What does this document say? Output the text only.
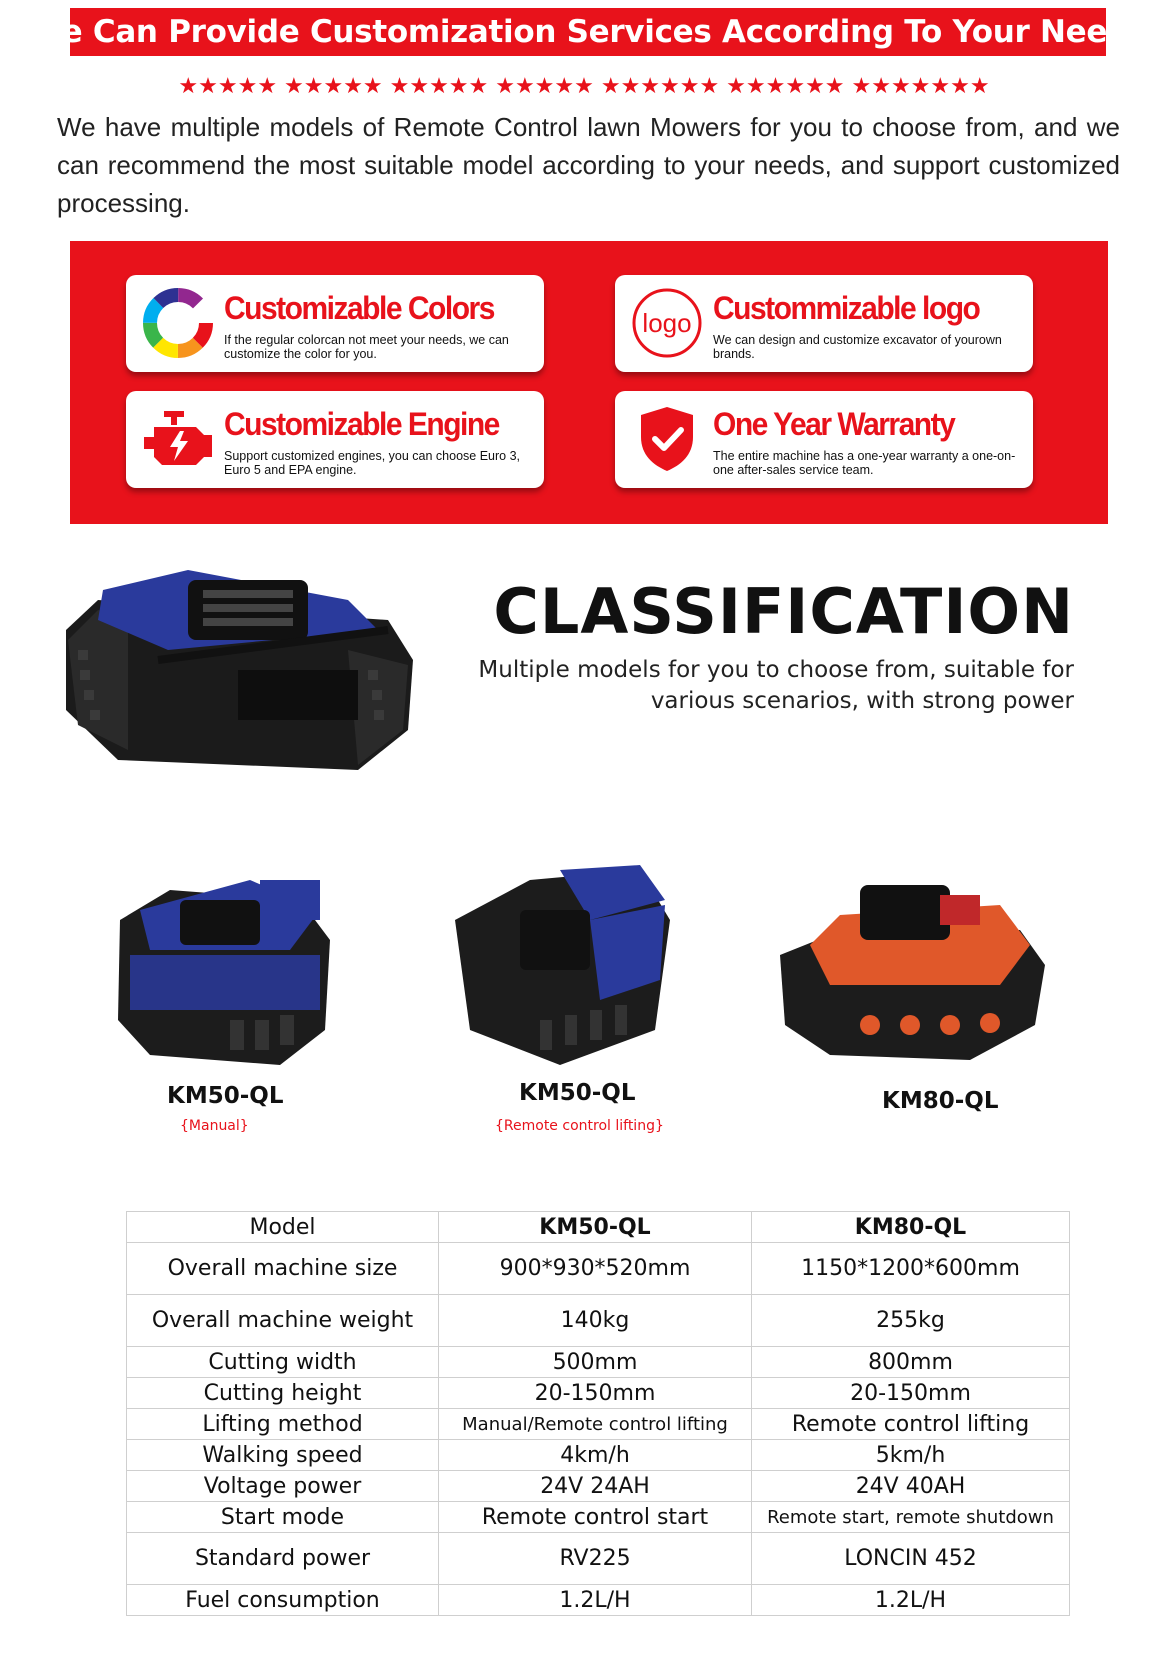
We Can Provide Customization Services According To Your Needs
★★★★★ ★★★★★ ★★★★★ ★★★★★ ★★★★★★ ★★★★★★ ★★★★★★★
We have multiple models of Remote Control lawn Mowers for you to choose from, and we can recommend the most suitable model according to your needs, and support customized processing.
Customizable Colors
If the regular colorcan not meet your needs, we can customize the color for you.
logo Custommizable logo
We can design and customize excavator of yourown brands.
Customizable Engine
Support customized engines, you can choose Euro 3, Euro 5 and EPA engine.
One Year Warranty
The entire machine has a one-year warranty a one-on-one after-sales service team.
CLASSIFICATION
Multiple models for you to choose from, suitable for various scenarios, with strong power
KM50-QL
{Manual}
KM50-QL
{Remote control lifting}
KM80-QL
Model	KM50-QL	KM80-QL
Overall machine size	900*930*520mm	1150*1200*600mm
Overall machine weight	140kg	255kg
Cutting width	500mm	800mm
Cutting height	20-150mm	20-150mm
Lifting method	Manual/Remote control lifting	Remote control lifting
Walking speed	4km/h	5km/h
Voltage power	24V 24AH	24V 40AH
Start mode	Remote control start	Remote start, remote shutdown
Standard power	RV225	LONCIN 452
Fuel consumption	1.2L/H	1.2L/H
